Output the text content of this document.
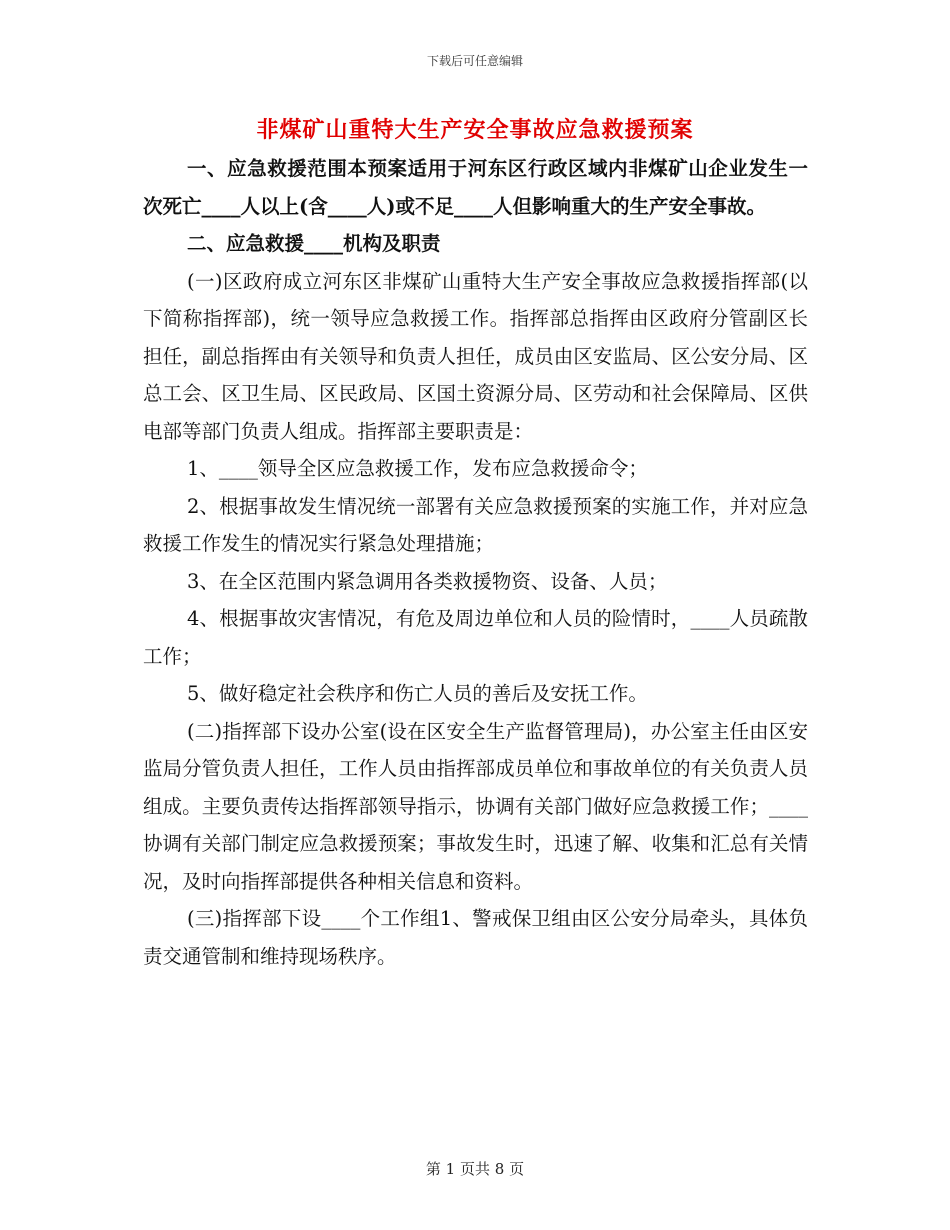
下载后可任意编辑
非煤矿山重特大生产安全事故应急救援预案

一、应急救援范围本预案适用于河东区行政区域内非煤矿山企业发生一次死亡____人以上(含____人)或不足____人但影响重大的生产安全事故。

二、应急救援____机构及职责

(一)区政府成立河东区非煤矿山重特大生产安全事故应急救援指挥部(以下简称指挥部)，统一领导应急救援工作。指挥部总指挥由区政府分管副区长担任，副总指挥由有关领导和负责人担任，成员由区安监局、区公安分局、区总工会、区卫生局、区民政局、区国土资源分局、区劳动和社会保障局、区供电部等部门负责人组成。指挥部主要职责是：

1、____领导全区应急救援工作，发布应急救援命令；

2、根据事故发生情况统一部署有关应急救援预案的实施工作，并对应急救援工作发生的情况实行紧急处理措施；

3、在全区范围内紧急调用各类救援物资、设备、人员；

4、根据事故灾害情况，有危及周边单位和人员的险情时，____人员疏散工作；

5、做好稳定社会秩序和伤亡人员的善后及安抚工作。

(二)指挥部下设办公室(设在区安全生产监督管理局)，办公室主任由区安监局分管负责人担任，工作人员由指挥部成员单位和事故单位的有关负责人员组成。主要负责传达指挥部领导指示，协调有关部门做好应急救援工作；____协调有关部门制定应急救援预案；事故发生时，迅速了解、收集和汇总有关情况，及时向指挥部提供各种相关信息和资料。

(三)指挥部下设____个工作组1、警戒保卫组由区公安分局牵头，具体负责交通管制和维持现场秩序。

第 1 页共 8 页
